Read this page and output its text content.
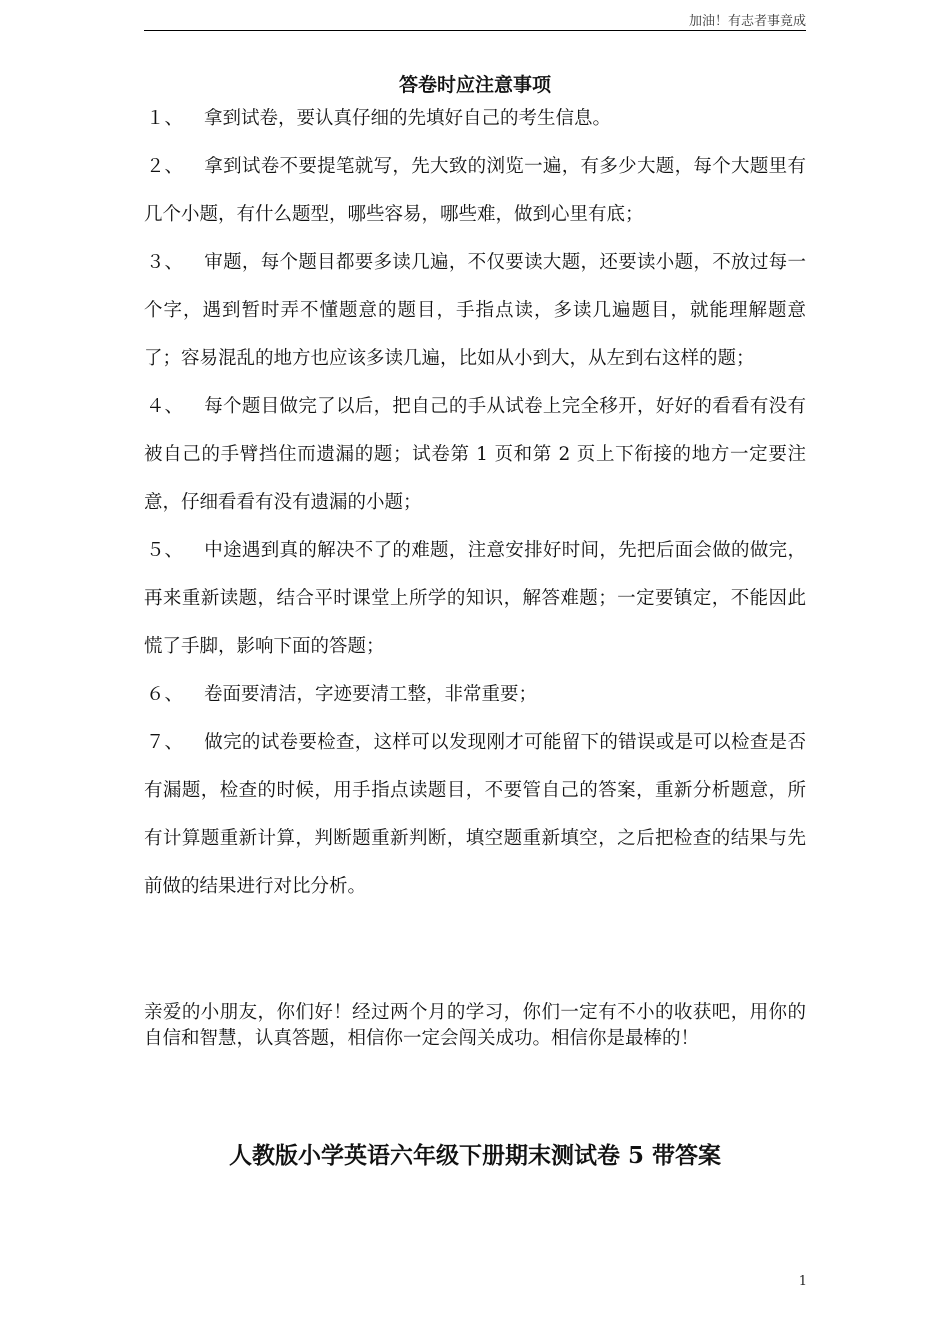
加油！有志者事竟成
答卷时应注意事项

１、 拿到试卷，要认真仔细的先填好自己的考生信息。

２、 拿到试卷不要提笔就写，先大致的浏览一遍，有多少大题，每个大题里有几个小题，有什么题型，哪些容易，哪些难，做到心里有底；

３、 审题，每个题目都要多读几遍，不仅要读大题，还要读小题，不放过每一个字，遇到暂时弄不懂题意的题目，手指点读，多读几遍题目，就能理解题意了；容易混乱的地方也应该多读几遍，比如从小到大，从左到右这样的题；

４、 每个题目做完了以后，把自己的手从试卷上完全移开，好好的看看有没有被自己的手臂挡住而遗漏的题；试卷第 1 页和第 2 页上下衔接的地方一定要注意，仔细看看有没有遗漏的小题；

５、 中途遇到真的解决不了的难题，注意安排好时间，先把后面会做的做完，再来重新读题，结合平时课堂上所学的知识，解答难题；一定要镇定，不能因此慌了手脚，影响下面的答题；

６、 卷面要清洁，字迹要清工整，非常重要；

７、 做完的试卷要检查，这样可以发现刚才可能留下的错误或是可以检查是否有漏题，检查的时候，用手指点读题目，不要管自己的答案，重新分析题意，所有计算题重新计算，判断题重新判断，填空题重新填空，之后把检查的结果与先前做的结果进行对比分析。

亲爱的小朋友，你们好！经过两个月的学习，你们一定有不小的收获吧，用你的自信和智慧，认真答题，相信你一定会闯关成功。相信你是最棒的！

人教版小学英语六年级下册期末测试卷 5 带答案
1
